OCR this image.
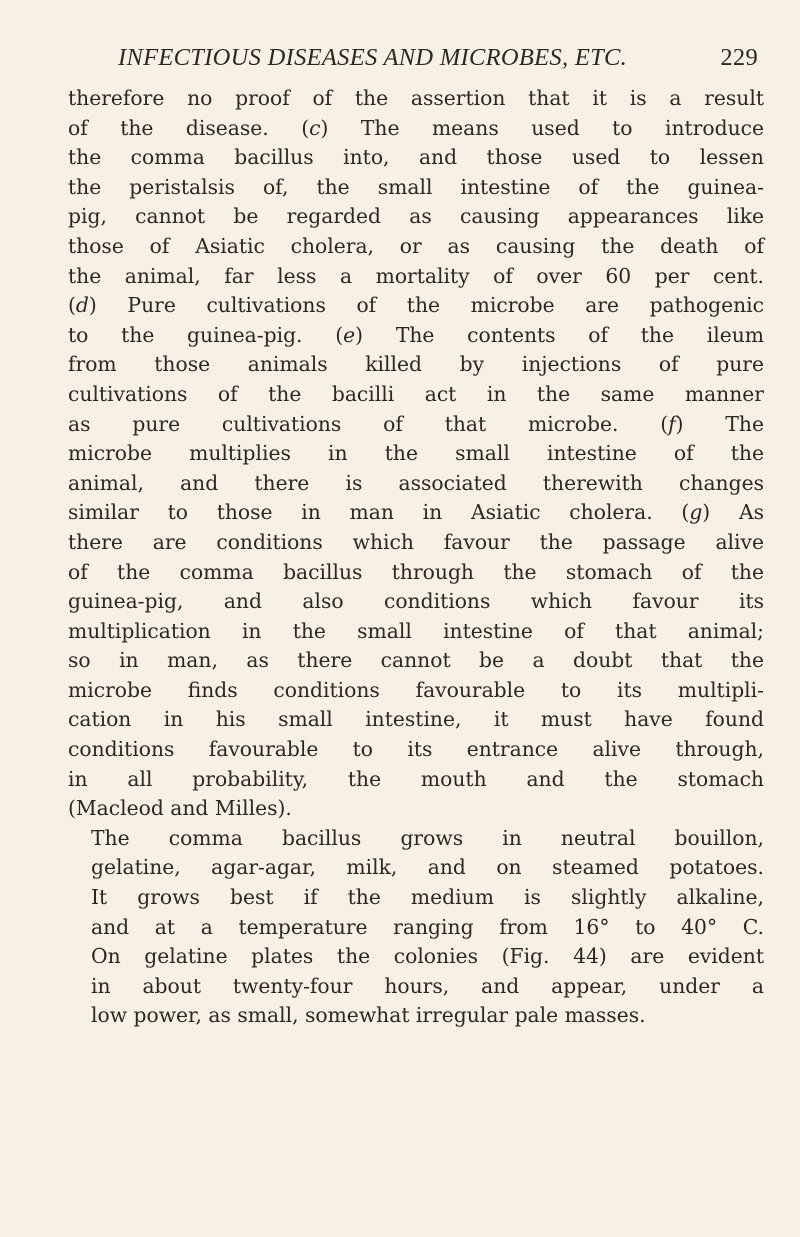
INFECTIOUS DISEASES AND MICROBES, ETC.	229

therefore no proof of the assertion that it is a result
of the disease. (c) The means used to introduce
the comma bacillus into, and those used to lessen
the peristalsis of, the small intestine of the guinea-
pig, cannot be regarded as causing appearances like
those of Asiatic cholera, or as causing the death of
the animal, far less a mortality of over 60 per cent.
(d) Pure cultivations of the microbe are pathogenic
to the guinea-pig. (e) The contents of the ileum
from those animals killed by injections of pure
cultivations of the bacilli act in the same manner
as pure cultivations of that microbe. (f) The
microbe multiplies in the small intestine of the
animal, and there is associated therewith changes
similar to those in man in Asiatic cholera. (g) As
there are conditions which favour the passage alive
of the comma bacillus through the stomach of the
guinea-pig, and also conditions which favour its
multiplication in the small intestine of that animal;
so in man, as there cannot be a doubt that the
microbe finds conditions favourable to its multipli-
cation in his small intestine, it must have found
conditions favourable to its entrance alive through,
in all probability, the mouth and the stomach
(Macleod and Milles).

The comma bacillus grows in neutral bouillon,
gelatine, agar-agar, milk, and on steamed potatoes.
It grows best if the medium is slightly alkaline,
and at a temperature ranging from 16° to 40° C.
On gelatine plates the colonies (Fig. 44) are evident
in about twenty-four hours, and appear, under a
low power, as small, somewhat irregular pale masses.
